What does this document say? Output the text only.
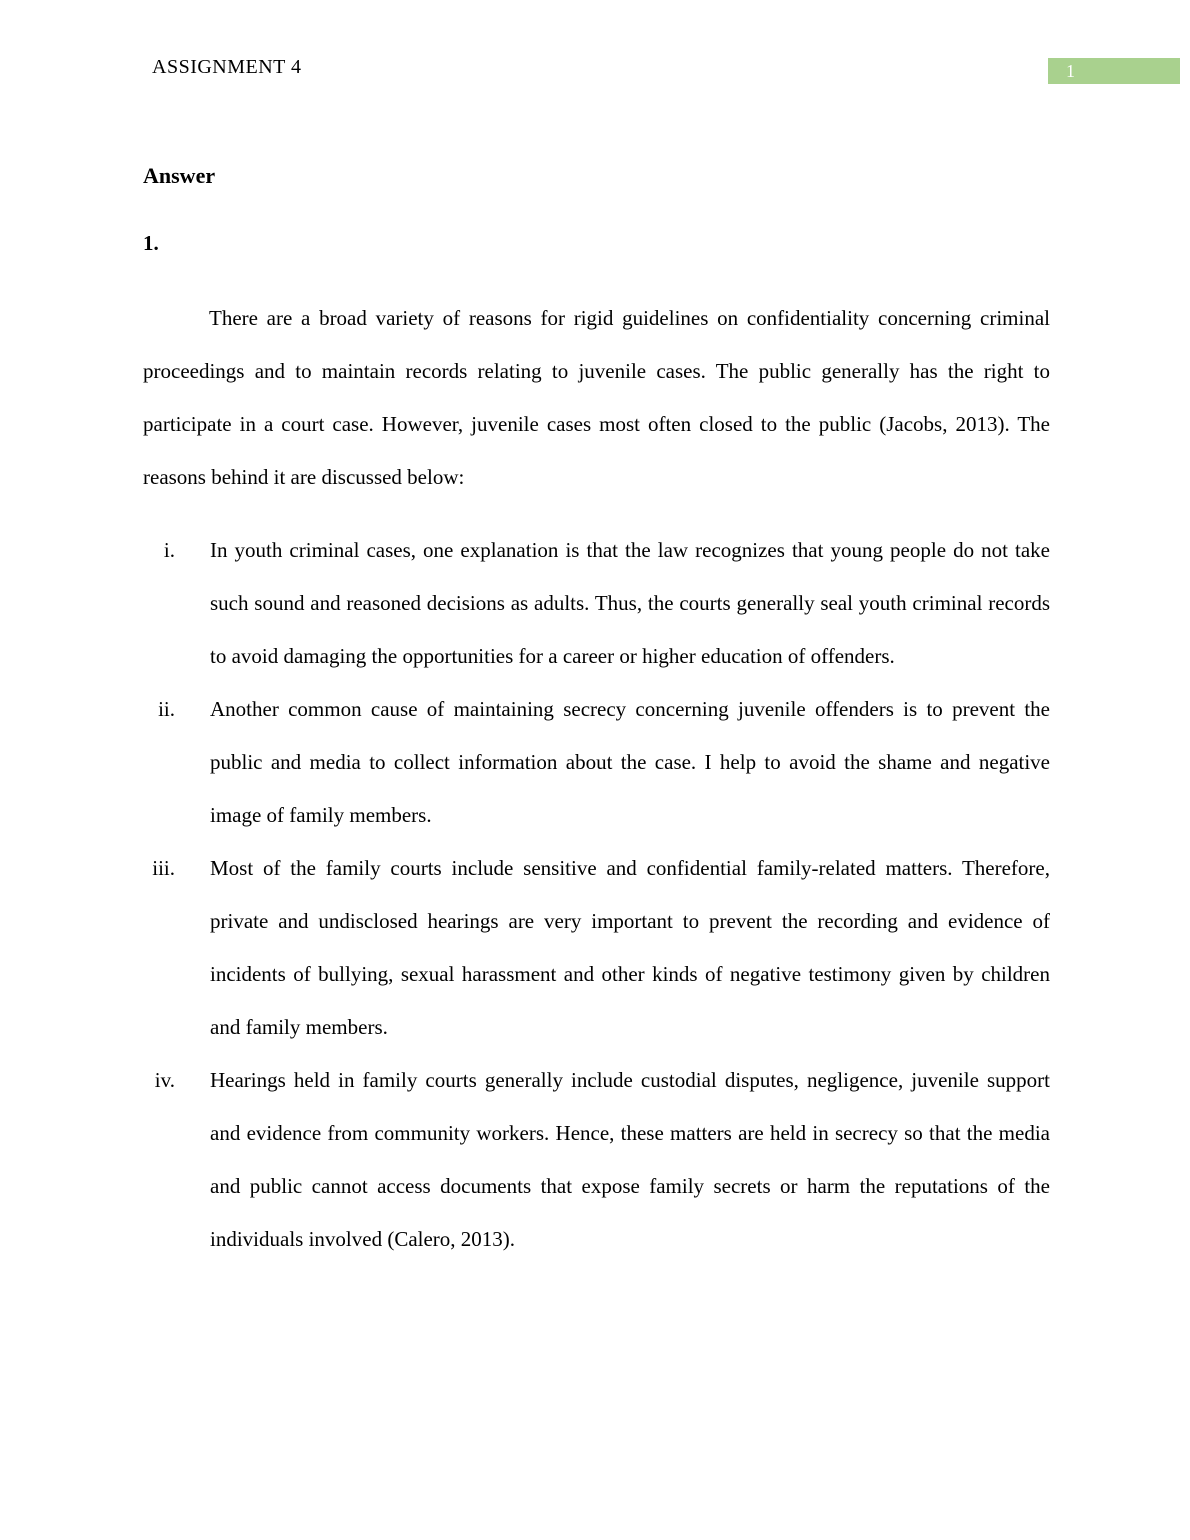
ASSIGNMENT 4	1
Answer
1.

There are a broad variety of reasons for rigid guidelines on confidentiality concerning criminal proceedings and to maintain records relating to juvenile cases. The public generally has the right to participate in a court case. However, juvenile cases most often closed to the public (Jacobs, 2013). The reasons behind it are discussed below:

i. In youth criminal cases, one explanation is that the law recognizes that young people do not take such sound and reasoned decisions as adults. Thus, the courts generally seal youth criminal records to avoid damaging the opportunities for a career or higher education of offenders.
ii. Another common cause of maintaining secrecy concerning juvenile offenders is to prevent the public and media to collect information about the case. I help to avoid the shame and negative image of family members.
iii. Most of the family courts include sensitive and confidential family-related matters. Therefore, private and undisclosed hearings are very important to prevent the recording and evidence of incidents of bullying, sexual harassment and other kinds of negative testimony given by children and family members.
iv. Hearings held in family courts generally include custodial disputes, negligence, juvenile support and evidence from community workers. Hence, these matters are held in secrecy so that the media and public cannot access documents that expose family secrets or harm the reputations of the individuals involved (Calero, 2013).
